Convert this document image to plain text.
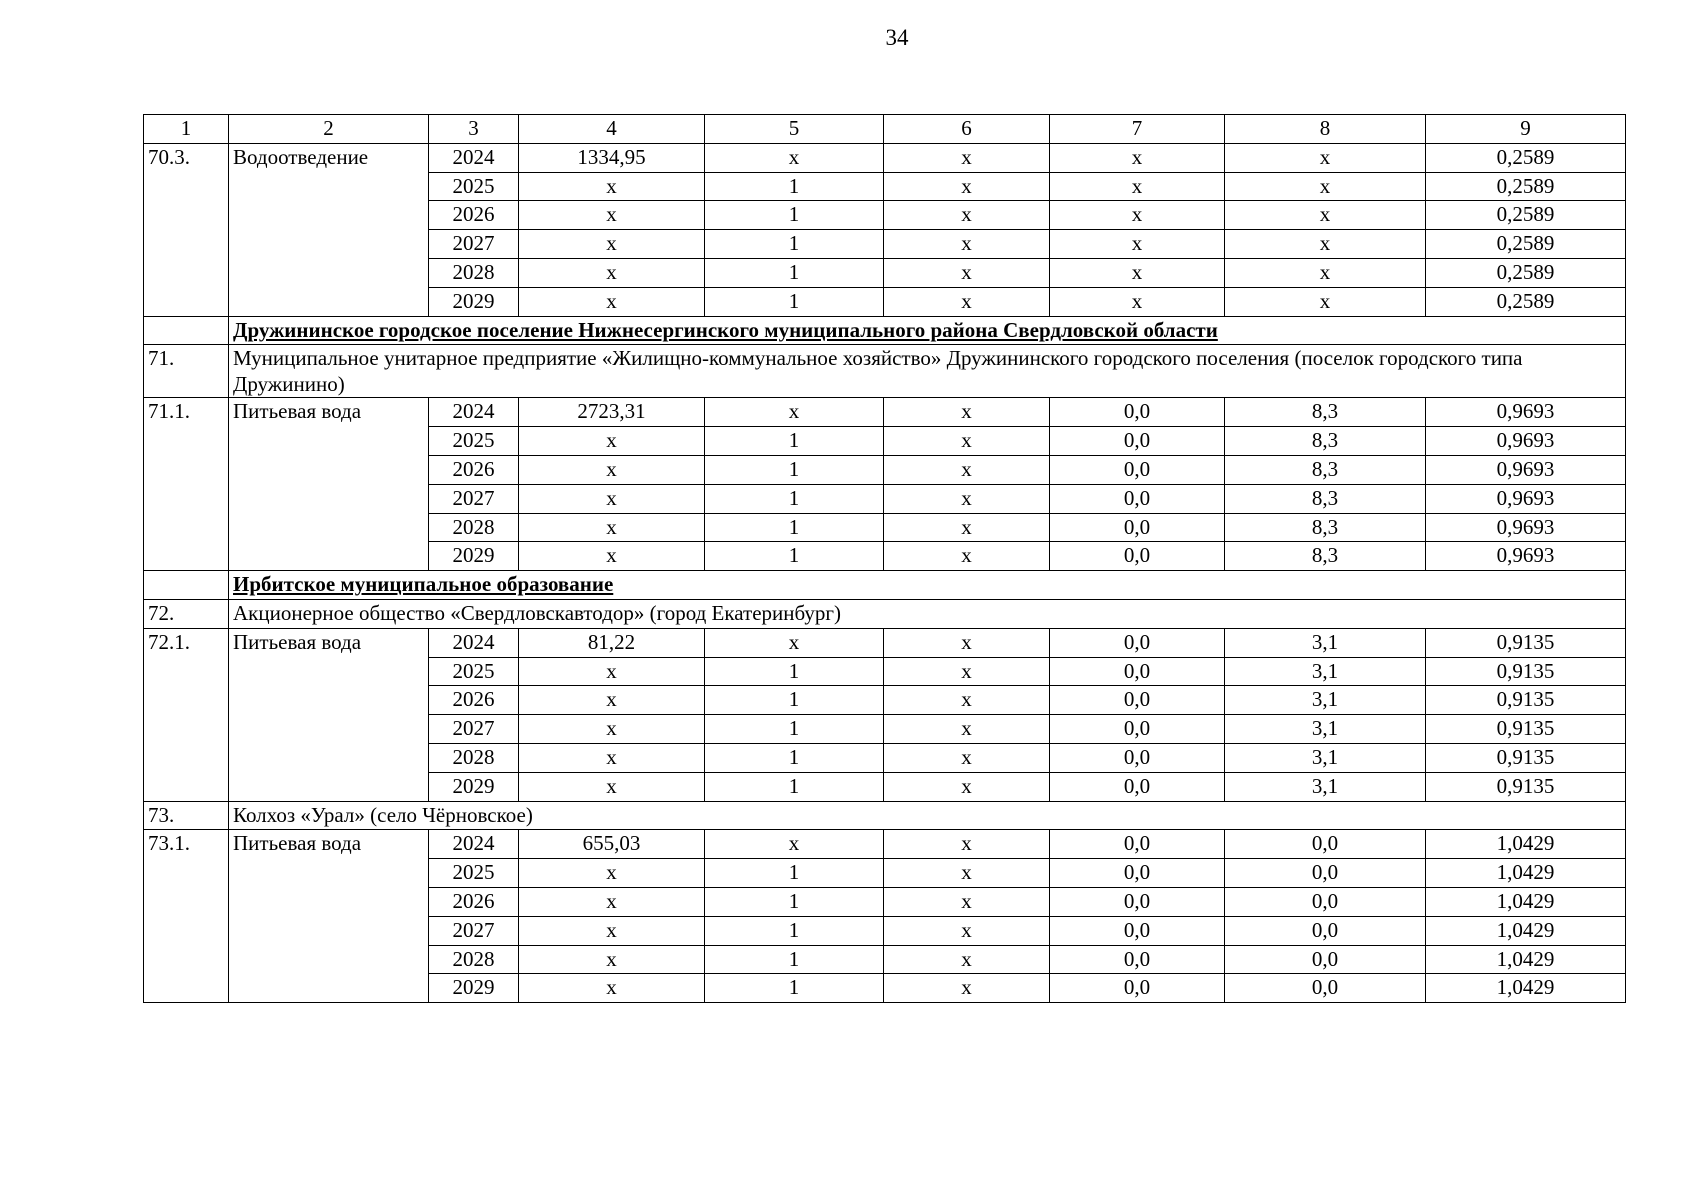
34
1	2	3	4	5	6	7	8	9
70.3.	Водоотведение	2024	1334,95	х	х	х	х	0,2589
		2025	х	1	х	х	х	0,2589
		2026	х	1	х	х	х	0,2589
		2027	х	1	х	х	х	0,2589
		2028	х	1	х	х	х	0,2589
		2029	х	1	х	х	х	0,2589
	Дружининское городское поселение Нижнесергинского муниципального района Свердловской области							
71.	Муниципальное унитарное предприятие «Жилищно-коммунальное хозяйство» Дружининского городского поселения (поселок городского типа Дружинино)							
71.1.	Питьевая вода	2024	2723,31	х	х	0,0	8,3	0,9693
		2025	х	1	х	0,0	8,3	0,9693
		2026	х	1	х	0,0	8,3	0,9693
		2027	х	1	х	0,0	8,3	0,9693
		2028	х	1	х	0,0	8,3	0,9693
		2029	х	1	х	0,0	8,3	0,9693
	Ирбитское муниципальное образование							
72.	Акционерное общество «Свердловскавтодор» (город Екатеринбург)							
72.1.	Питьевая вода	2024	81,22	х	х	0,0	3,1	0,9135
		2025	х	1	х	0,0	3,1	0,9135
		2026	х	1	х	0,0	3,1	0,9135
		2027	х	1	х	0,0	3,1	0,9135
		2028	х	1	х	0,0	3,1	0,9135
		2029	х	1	х	0,0	3,1	0,9135
73.	Колхоз «Урал» (село Чёрновское)							
73.1.	Питьевая вода	2024	655,03	х	х	0,0	0,0	1,0429
		2025	х	1	х	0,0	0,0	1,0429
		2026	х	1	х	0,0	0,0	1,0429
		2027	х	1	х	0,0	0,0	1,0429
		2028	х	1	х	0,0	0,0	1,0429
		2029	х	1	х	0,0	0,0	1,0429
